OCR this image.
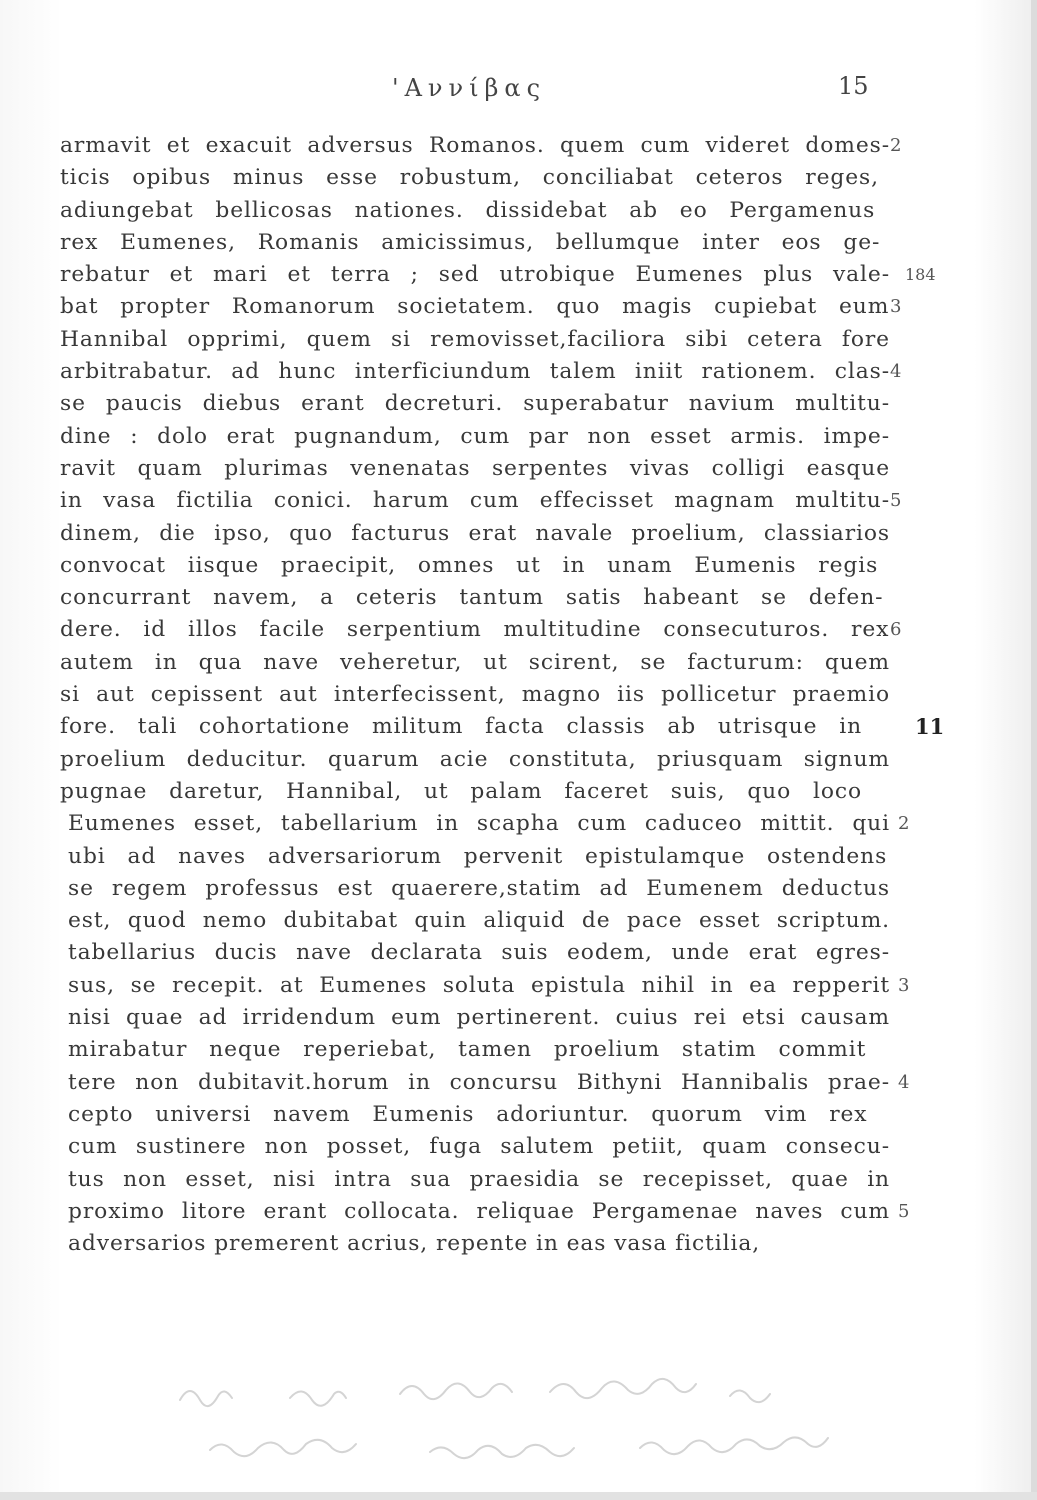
'Αννίβας	15
armavit et exacuit adversus Romanos. quem cum videret domes- 2
ticis opibus minus esse robustum, conciliabat ceteros reges,
adiungebat bellicosas nationes. dissidebat ab eo Pergamenus
rex Eumenes, Romanis amicissimus, bellumque inter eos ge-
rebatur et mari et terra ; sed utrobique Eumenes plus vale- 184
bat propter Romanorum societatem. quo magis cupiebat eum 3
Hannibal opprimi, quem si removisset,faciliora sibi cetera fore
arbitrabatur. ad hunc interficiundum talem iniit rationem. clas- 4
se paucis diebus erant decreturi. superabatur navium multitu-
dine : dolo erat pugnandum, cum par non esset armis. impe-
ravit quam plurimas venenatas serpentes vivas colligi easque
in vasa fictilia conici. harum cum effecisset magnam multitu- 5
dinem, die ipso, quo facturus erat navale proelium, classiarios
convocat iisque praecipit, omnes ut in unam Eumenis regis
concurrant navem, a ceteris tantum satis habeant se defen-
dere. id illos facile serpentium multitudine consecuturos. rex 6
autem in qua nave veheretur, ut scirent, se facturum: quem
si aut cepissent aut interfecissent, magno iis pollicetur praemio
fore. tali cohortatione militum facta classis ab utrisque in	11
proelium deducitur. quarum acie constituta, priusquam signum
pugnae daretur, Hannibal, ut palam faceret suis, quo loco
Eumenes esset, tabellarium in scapha cum caduceo mittit. qui 2
ubi ad naves adversariorum pervenit epistulamque ostendens
se regem professus est quaerere,statim ad Eumenem deductus
est, quod nemo dubitabat quin aliquid de pace esset scriptum.
tabellarius ducis nave declarata suis eodem, unde erat egres-
sus, se recepit. at Eumenes soluta epistula nihil in ea repperit 3
nisi quae ad irridendum eum pertinerent. cuius rei etsi causam
mirabatur neque reperiebat, tamen proelium statim commit
tere non dubitavit.horum in concursu Bithyni Hannibalis prae- 4
cepto universi navem Eumenis adoriuntur. quorum vim rex
cum sustinere non posset, fuga salutem petiit, quam consecu-
tus non esset, nisi intra sua praesidia se recepisset, quae in
proximo litore erant collocata. reliquae Pergamenae naves cum 5
adversarios premerent acrius, repente in eas vasa fictilia,
